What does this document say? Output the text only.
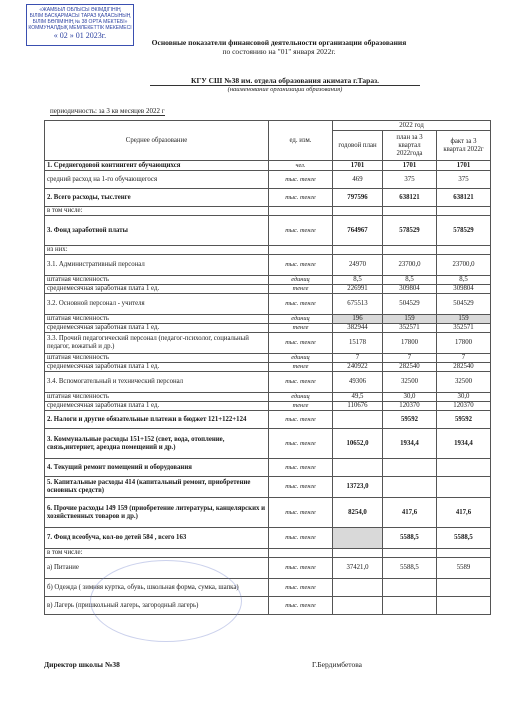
«ЖАМБЫЛ ОБЛЫСЫ ӘКІМДІГІНІҢ
БІЛІМ БАСҚАРМАСЫ ТАРАЗ ҚАЛАСЫНЫҢ
БІЛІМ БӨЛІМІНІҢ № 38 ОРТА МЕКТЕБІ»
КОММУНАЛДЫҚ МЕМЛЕКЕТТІК МЕКЕМЕСІ
« 02 » 01 2023г.
Основные показатели финансовой деятельности организации образования
по состоянию на "01" января 2022г.
КГУ СШ №38 им. отдела образования акимата г.Тараз.
(наименование организации образования)
периодичность: за 3 кв месяцев 2022 г
Среднее образование	ед. изм.	2022 год		
		годовой план	план за 3 квартал 2022года	факт за 3 квартал 2022г
1. Среднегодовой контингент обучающихся	чел.	1701	1701	1701
средний расход на 1-го обучающегося	тыс. тенге	469	375	375
2. Всего расходы, тыс.тенге	тыс. тенге	797596	638121	638121
в том числе:				
3. Фонд заработной платы	тыс. тенге	764967	578529	578529
из них:				
3.1. Административный персонал	тыс. тенге	24970	23700,0	23700,0
штатная численность	единиц	8,5	8,5	8,5
среднемесячная заработная плата 1 ед.	тенге	226991	309804	309804
3.2. Основной персонал - учителя	тыс. тенге	675513	504529	504529
штатная численность	единиц	196	159	159
среднемесячная заработная плата 1 ед.	тенге	382944	352571	352571
3.3. Прочий педагогический персонал (педагог-психолог, социальный педагог, вожатый и др.)	тыс. тенге	15178	17800	17800
штатная численность	единиц	7	7	7
среднемесячная заработная плата 1 ед.	тенге	240922	282540	282540
3.4. Вспомогательный и технический персонал	тыс. тенге	49306	32500	32500
штатная численность	единиц	49,5	30,0	30,0
среднемесячная заработная плата 1 ед.	тенге	110676	120370	120370
2. Налоги и другие обязательные платежи в бюджет 121+122+124	тыс. тенге		59592	59592
3. Коммунальные расходы 151+152 (свет, вода, отопление, связь,интернет, арездна помещений и др.)	тыс. тенге	10652,0	1934,4	1934,4
4. Текущий ремонт помещений и оборудования	тыс. тенге			
5. Капитальные расходы 414 (капитальный ремонт, приобретение основных средств)	тыс. тенге	13723,0		
6. Прочие расходы 149 159 (приобретение литературы, канцелярских и хозяйственных товаров и др.)	тыс. тенге	8254,0	417,6	417,6
7. Фонд всеобуча, кол-во детей 584 , всего 163	тыс. тенге		5588,5	5588,5
в том числе:				
а) Питание	тыс. тенге	37421,0	5588,5	5589
б) Одежда ( зимняя куртка, обувь, школьная форма, сумка, шапка)	тыс. тенге			
в) Лагерь (пришкольный лагерь, загородный лагерь)	тыс. тенге			
Директор школы №38	Г.Бердимбетова
